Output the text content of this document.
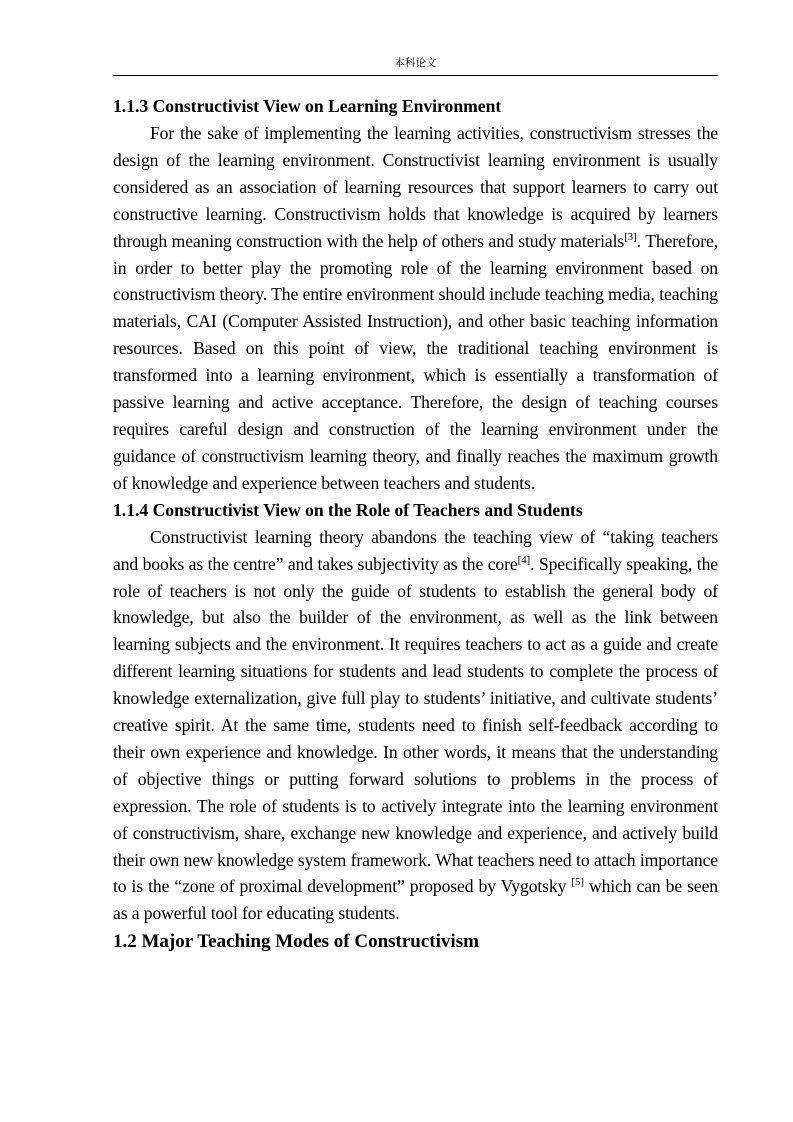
本科论文
1.1.3 Constructivist View on Learning Environment

For the sake of implementing the learning activities, constructivism stresses the design of the learning environment. Constructivist learning environment is usually considered as an association of learning resources that support learners to carry out constructive learning. Constructivism holds that knowledge is acquired by learners through meaning construction with the help of others and study materials[3]. Therefore, in order to better play the promoting role of the learning environment based on constructivism theory. The entire environment should include teaching media, teaching materials, CAI (Computer Assisted Instruction), and other basic teaching information resources. Based on this point of view, the traditional teaching environment is transformed into a learning environment, which is essentially a transformation of passive learning and active acceptance. Therefore, the design of teaching courses requires careful design and construction of the learning environment under the guidance of constructivism learning theory, and finally reaches the maximum growth of knowledge and experience between teachers and students.

1.1.4 Constructivist View on the Role of Teachers and Students

Constructivist learning theory abandons the teaching view of “taking teachers and books as the centre” and takes subjectivity as the core[4]. Specifically speaking, the role of teachers is not only the guide of students to establish the general body of knowledge, but also the builder of the environment, as well as the link between learning subjects and the environment. It requires teachers to act as a guide and create different learning situations for students and lead students to complete the process of knowledge externalization, give full play to students’ initiative, and cultivate students’ creative spirit. At the same time, students need to finish self-feedback according to their own experience and knowledge. In other words, it means that the understanding of objective things or putting forward solutions to problems in the process of expression. The role of students is to actively integrate into the learning environment of constructivism, share, exchange new knowledge and experience, and actively build their own new knowledge system framework. What teachers need to attach importance to is the “zone of proximal development” proposed by Vygotsky [5] which can be seen as a powerful tool for educating students.

1.2 Major Teaching Modes of Constructivism
